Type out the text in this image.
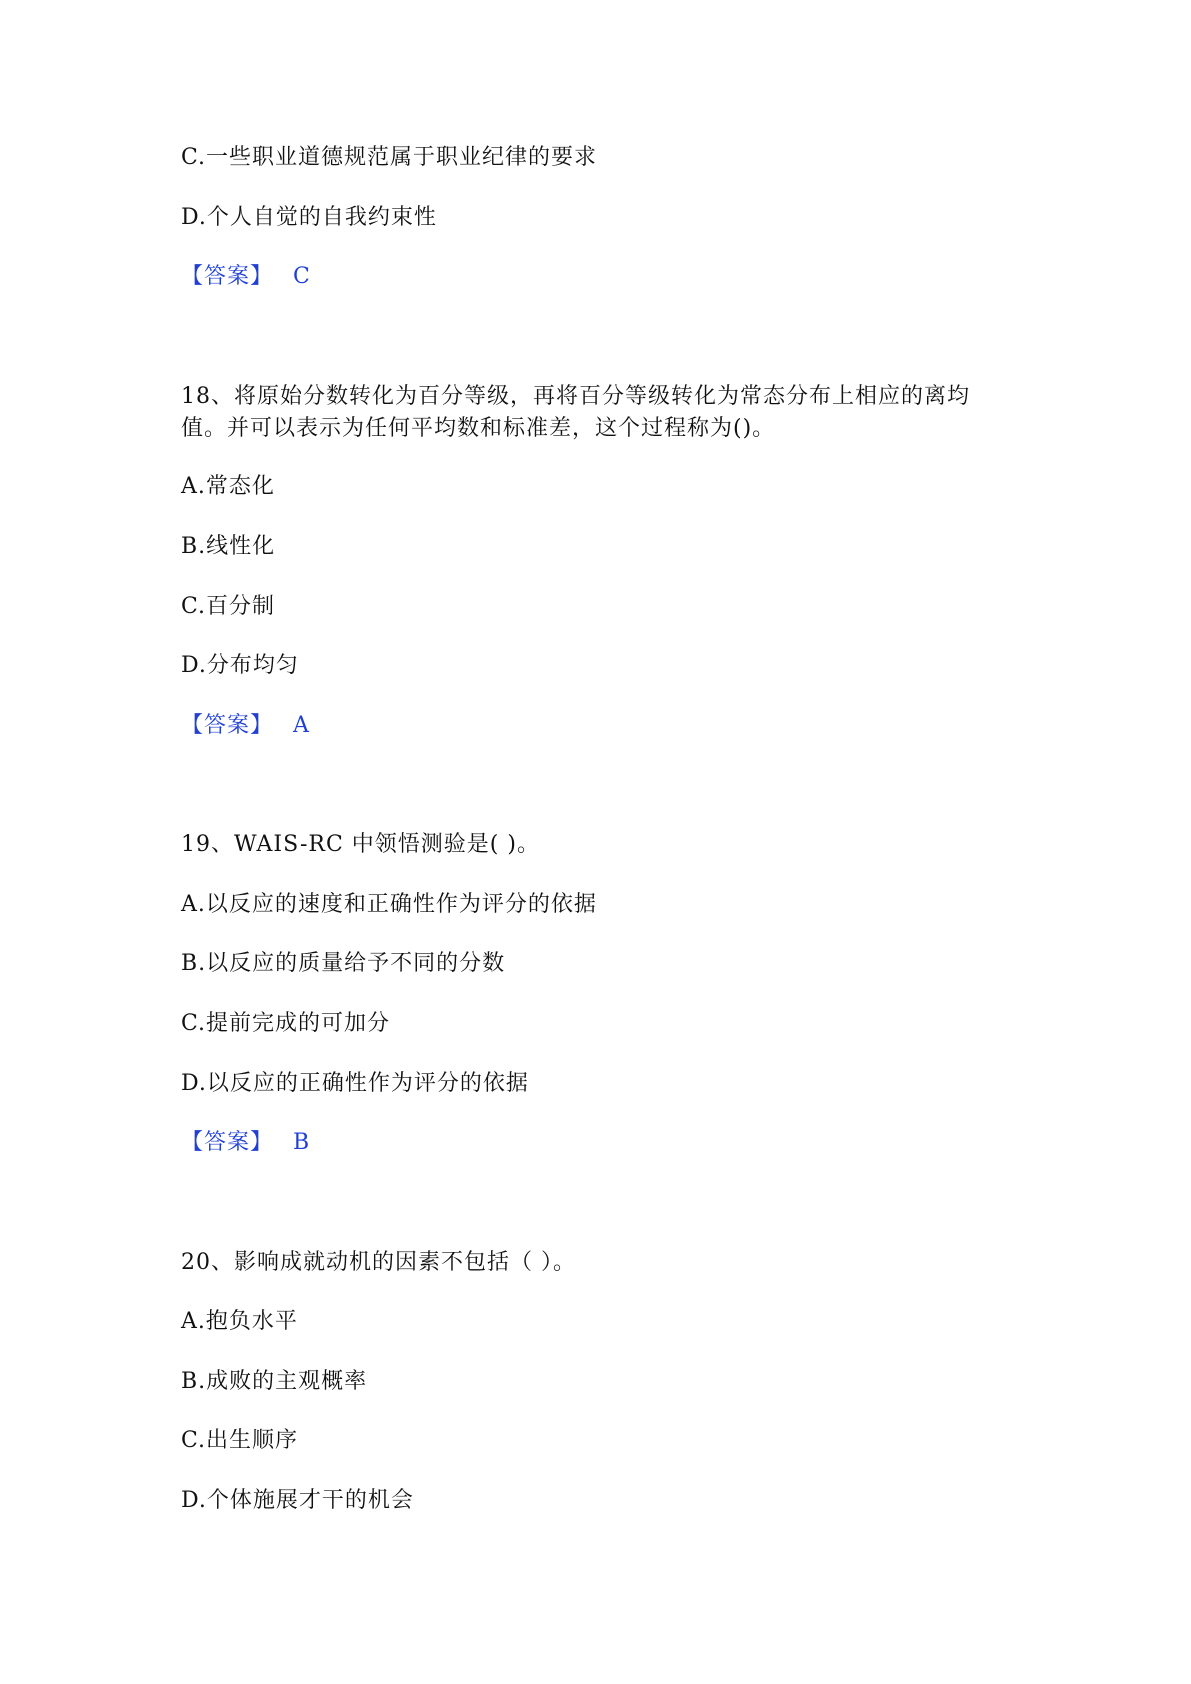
C.一些职业道德规范属于职业纪律的要求
D.个人自觉的自我约束性
【答案】 C
18、将原始分数转化为百分等级，再将百分等级转化为常态分布上相应的离均
值。并可以表示为任何平均数和标准差，这个过程称为()。
A.常态化
B.线性化
C.百分制
D.分布均匀
【答案】 A
19、WAIS-RC 中领悟测验是( )。
A.以反应的速度和正确性作为评分的依据
B.以反应的质量给予不同的分数
C.提前完成的可加分
D.以反应的正确性作为评分的依据
【答案】 B
20、影响成就动机的因素不包括（ ）。
A.抱负水平
B.成败的主观概率
C.出生顺序
D.个体施展才干的机会
